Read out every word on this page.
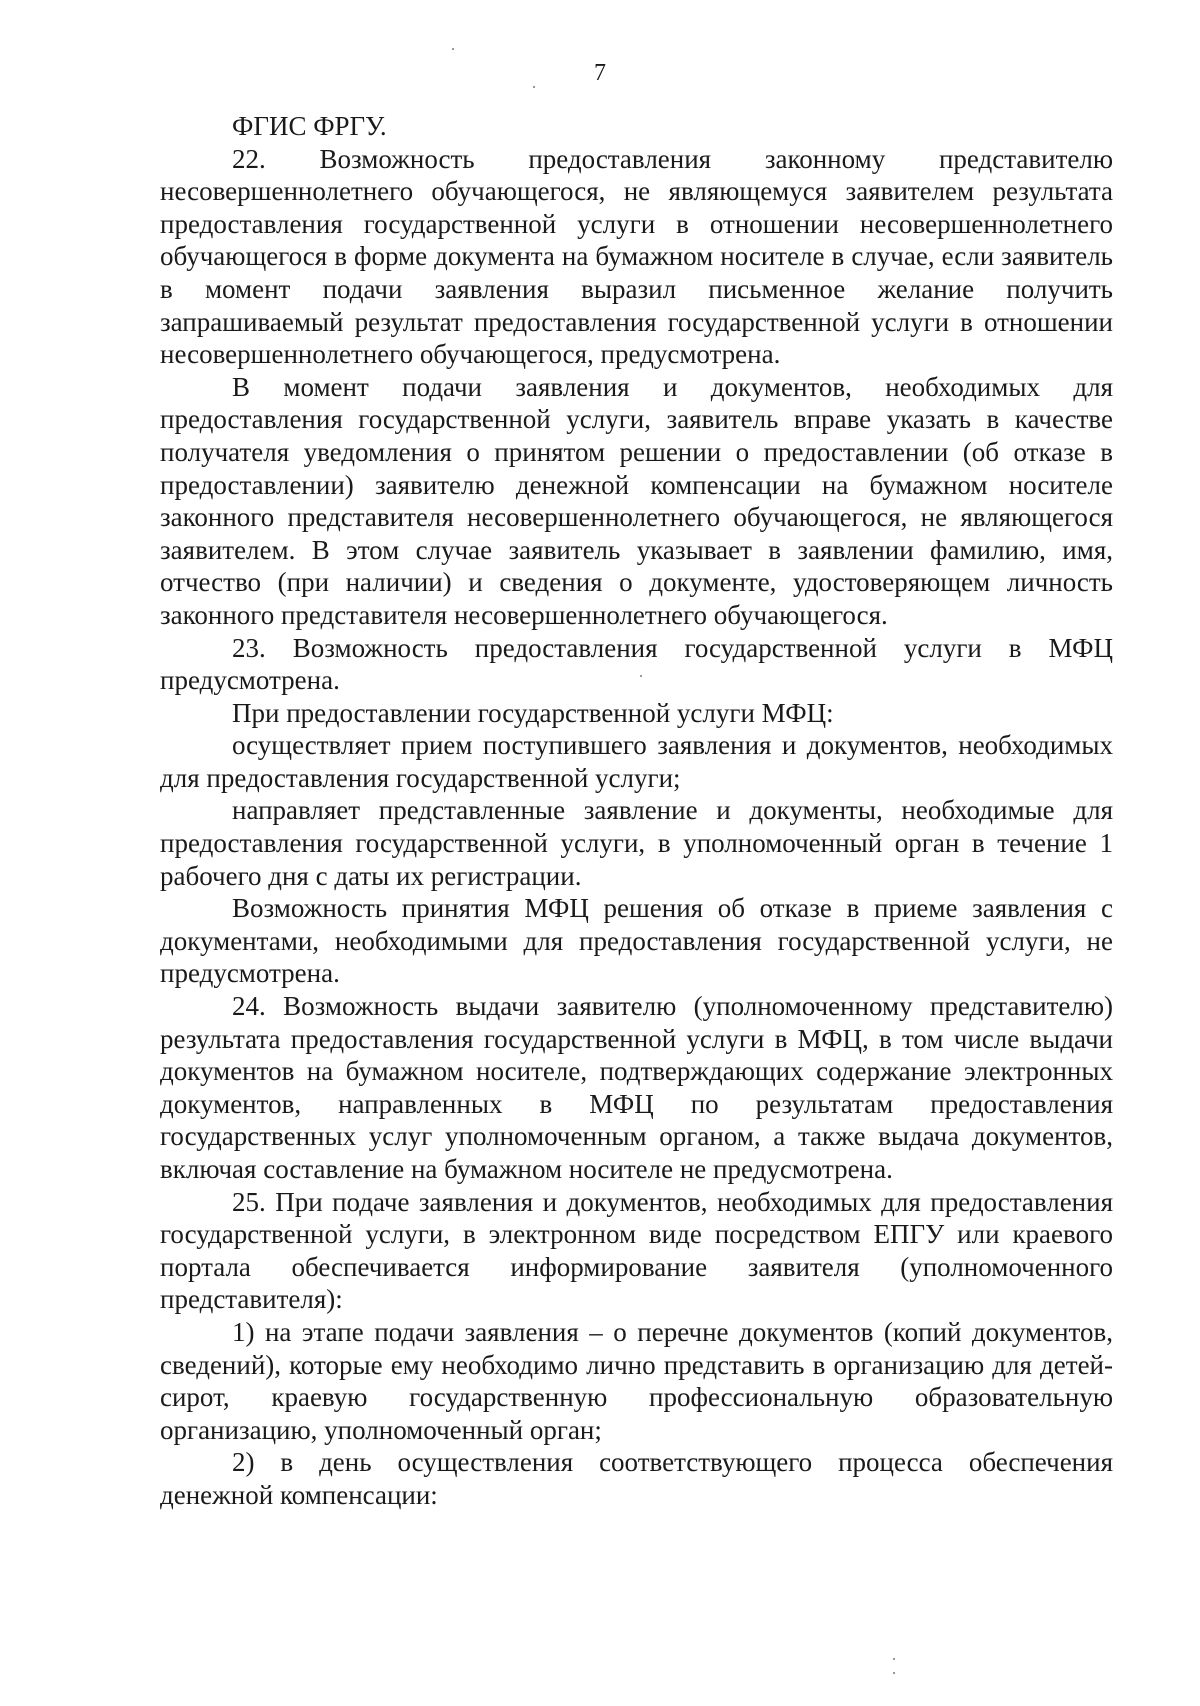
7

ФГИС ФРГУ.

22. Возможность предоставления законному представителю несовершеннолетнего обучающегося, не являющемуся заявителем результата предоставления государственной услуги в отношении несовершеннолетнего обучающегося в форме документа на бумажном носителе в случае, если заявитель в момент подачи заявления выразил письменное желание получить запрашиваемый результат предоставления государственной услуги в отношении несовершеннолетнего обучающегося, предусмотрена.

В момент подачи заявления и документов, необходимых для предоставления государственной услуги, заявитель вправе указать в качестве получателя уведомления о принятом решении о предоставлении (об отказе в предоставлении) заявителю денежной компенсации на бумажном носителе законного представителя несовершеннолетнего обучающегося, не являющегося заявителем. В этом случае заявитель указывает в заявлении фамилию, имя, отчество (при наличии) и сведения о документе, удостоверяющем личность законного представителя несовершеннолетнего обучающегося.

23. Возможность предоставления государственной услуги в МФЦ предусмотрена.

При предоставлении государственной услуги МФЦ:

осуществляет прием поступившего заявления и документов, необходимых для предоставления государственной услуги;

направляет представленные заявление и документы, необходимые для предоставления государственной услуги, в уполномоченный орган в течение 1 рабочего дня с даты их регистрации.

Возможность принятия МФЦ решения об отказе в приеме заявления с документами, необходимыми для предоставления государственной услуги, не предусмотрена.

24. Возможность выдачи заявителю (уполномоченному представителю) результата предоставления государственной услуги в МФЦ, в том числе выдачи документов на бумажном носителе, подтверждающих содержание электронных документов, направленных в МФЦ по результатам предоставления государственных услуг уполномоченным органом, а также выдача документов, включая составление на бумажном носителе не предусмотрена.

25. При подаче заявления и документов, необходимых для предоставления государственной услуги, в электронном виде посредством ЕПГУ или краевого портала обеспечивается информирование заявителя (уполномоченного представителя):

1) на этапе подачи заявления – о перечне документов (копий документов, сведений), которые ему необходимо лично представить в организацию для детей-сирот, краевую государственную профессиональную образовательную организацию, уполномоченный орган;

2) в день осуществления соответствующего процесса обеспечения денежной компенсации:
